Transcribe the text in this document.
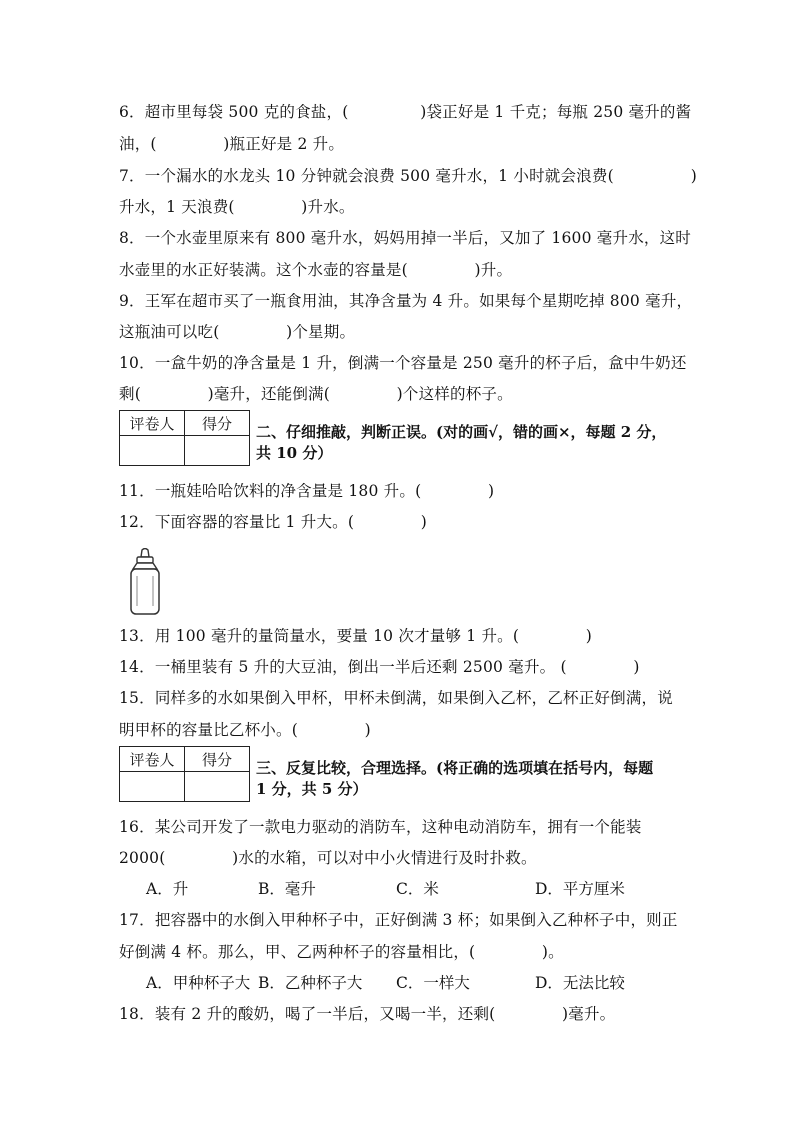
6．超市里每袋 500 克的食盐，(              )袋正好是 1 千克；每瓶 250 毫升的酱
油，(             )瓶正好是 2 升。
7．一个漏水的水龙头 10 分钟就会浪费 500 毫升水，1 小时就会浪费(               )
升水，1 天浪费(             )升水。
8．一个水壶里原来有 800 毫升水，妈妈用掉一半后，又加了 1600 毫升水，这时
水壶里的水正好装满。这个水壶的容量是(             )升。
9．王军在超市买了一瓶食用油，其净含量为 4 升。如果每个星期吃掉 800 毫升，
这瓶油可以吃(             )个星期。
10．一盒牛奶的净含量是 1 升，倒满一个容量是 250 毫升的杯子后，盒中牛奶还
剩(             )毫升，还能倒满(             )个这样的杯子。
评卷人	得分
	二、仔细推敲，判断正误。(对的画√，错的画×，每题 2 分，
共 10 分）
11．一瓶娃哈哈饮料的净含量是 180 升。(             )
12．下面容器的容量比 1 升大。(             )
13．用 100 毫升的量筒量水，要量 10 次才量够 1 升。(             )
14．一桶里装有 5 升的大豆油，倒出一半后还剩 2500 毫升。 (             )
15．同样多的水如果倒入甲杯，甲杯未倒满，如果倒入乙杯，乙杯正好倒满，说
明甲杯的容量比乙杯小。(             )
评卷人	得分
	三、反复比较，合理选择。(将正确的选项填在括号内，每题
1 分，共 5 分）
16．某公司开发了一款电力驱动的消防车，这种电动消防车，拥有一个能装
2000(             )水的水箱，可以对中小火情进行及时扑救。
A．升	B．毫升	C．米	D．平方厘米
17．把容器中的水倒入甲种杯子中，正好倒满 3 杯；如果倒入乙种杯子中，则正
好倒满 4 杯。那么，甲、乙两种杯子的容量相比，(             )。
A．甲种杯子大 B．乙种杯子大 C．一样大	D．无法比较
18．装有 2 升的酸奶，喝了一半后，又喝一半，还剩(             )毫升。
